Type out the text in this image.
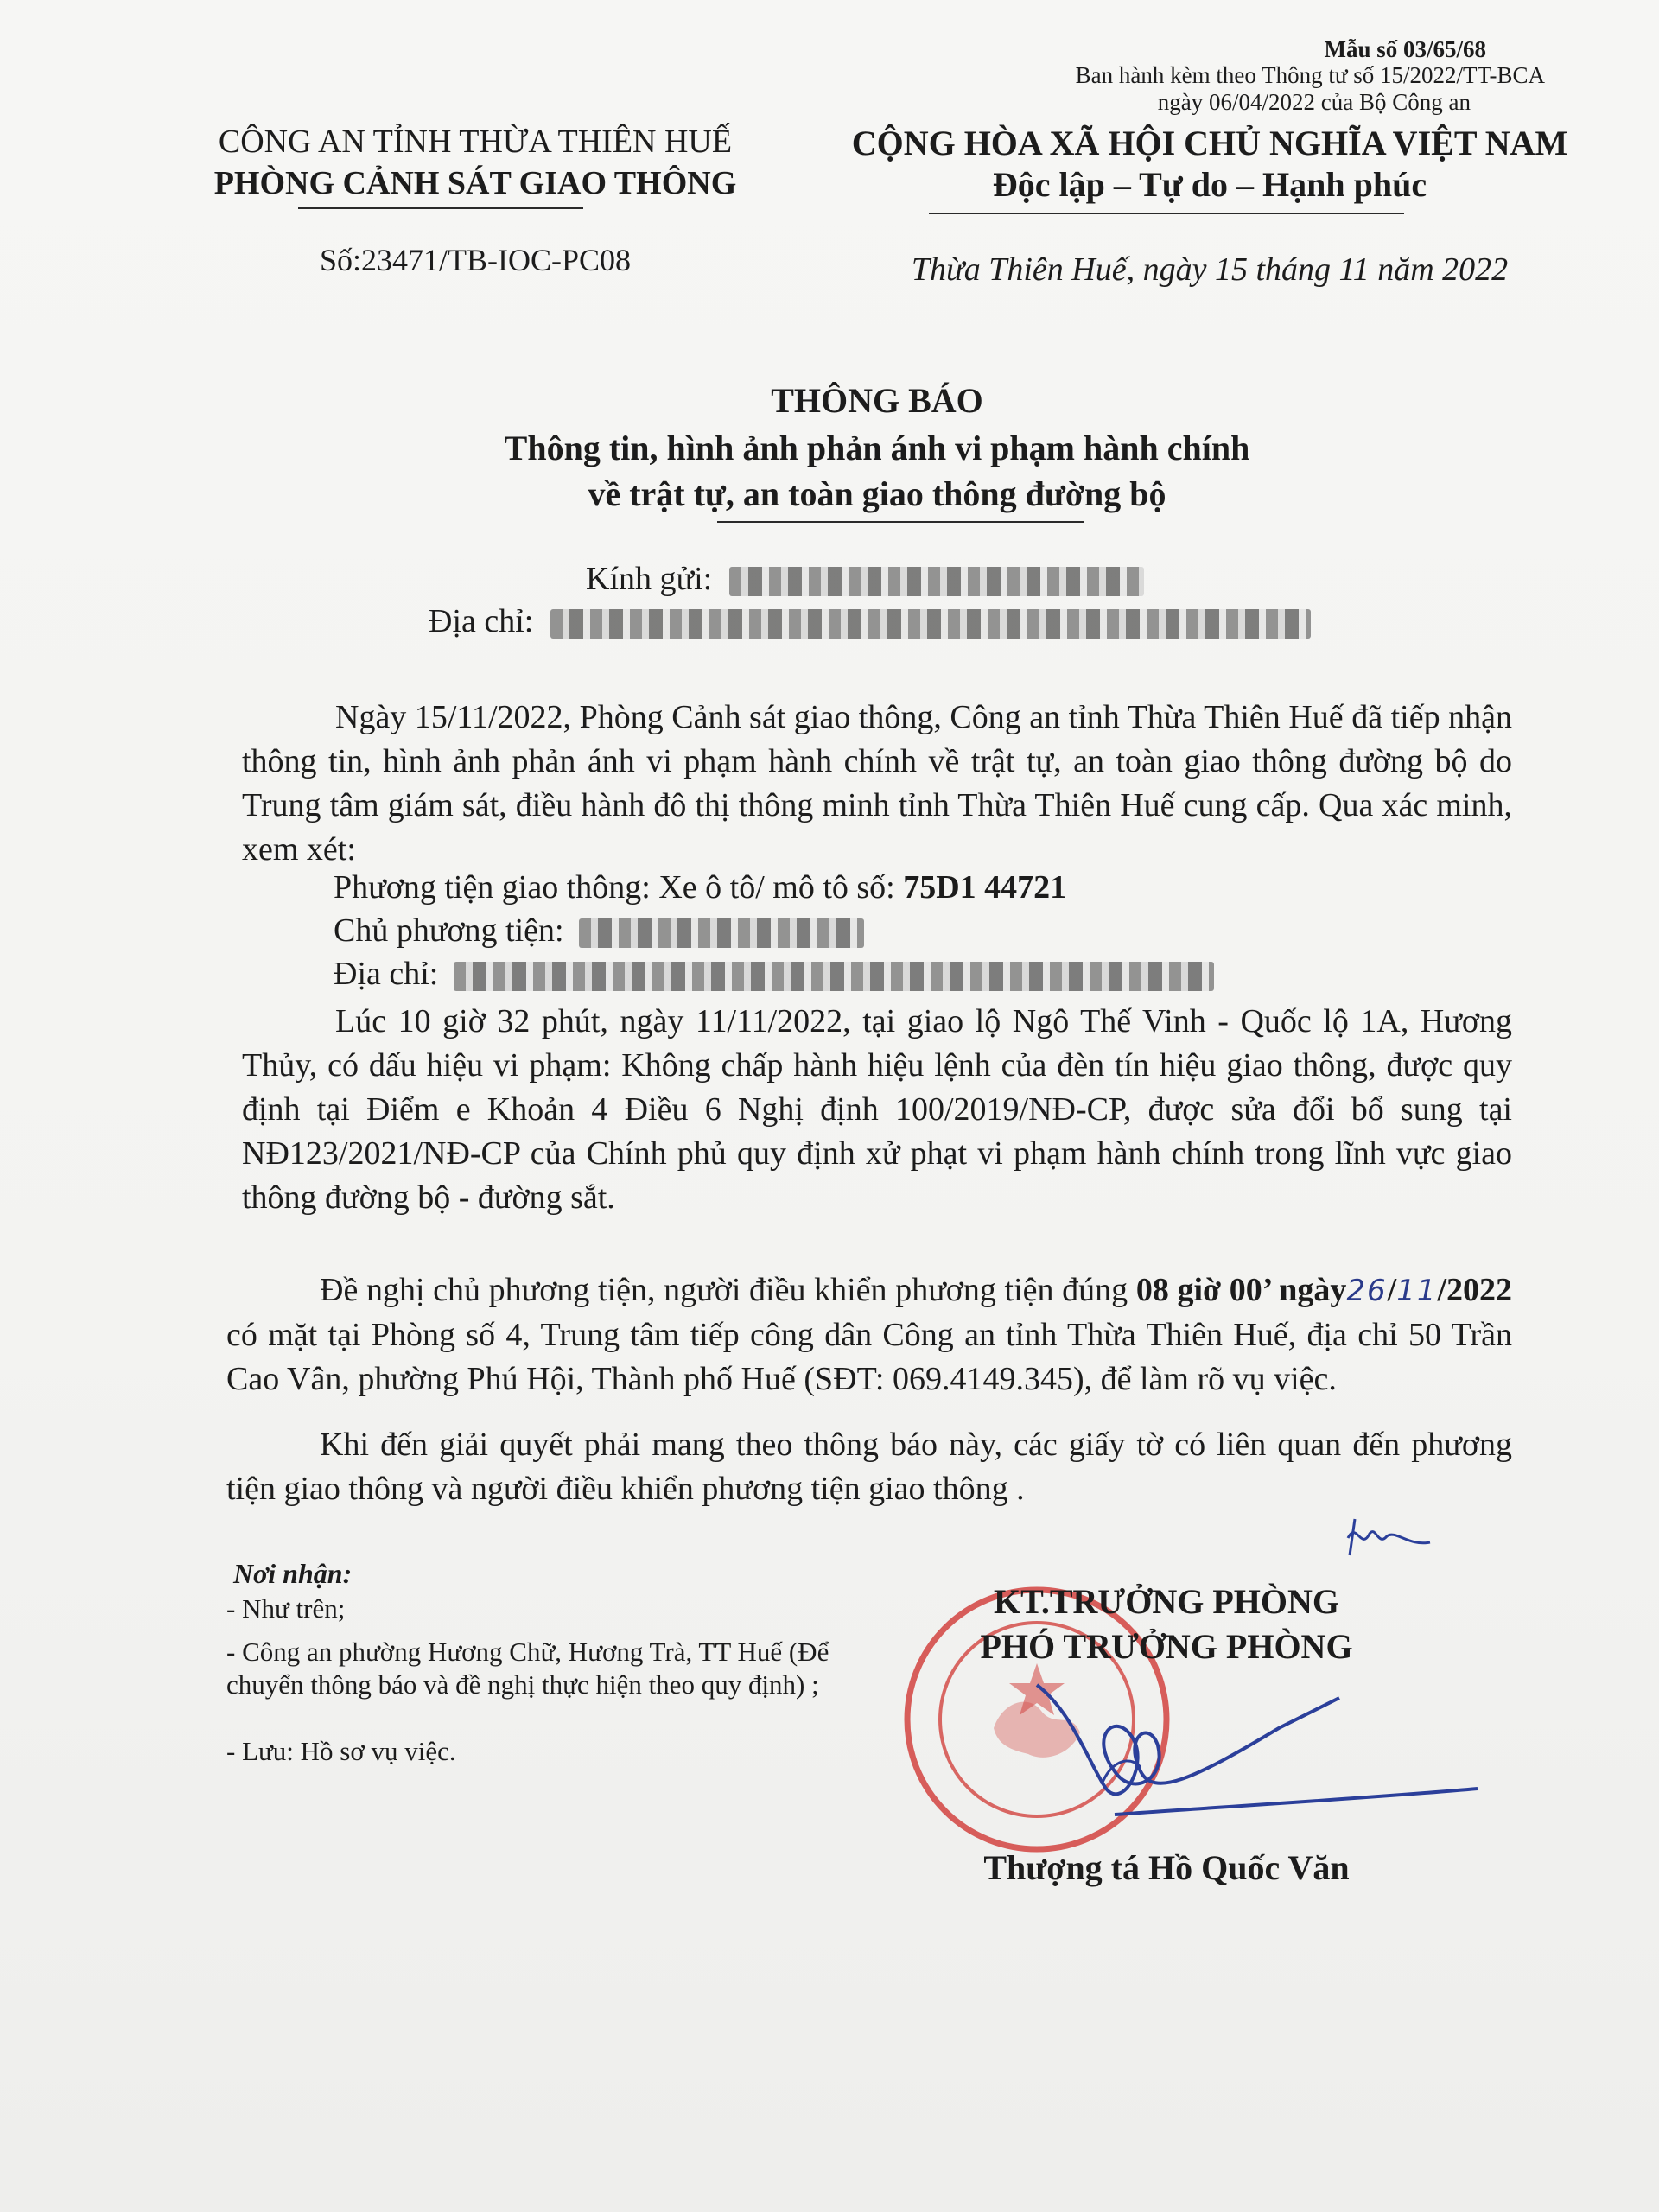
Mẫu số 03/65/68
Ban hành kèm theo Thông tư số 15/2022/TT-BCA
ngày 06/04/2022 của Bộ Công an
CÔNG AN TỈNH THỪA THIÊN HUẾ
PHÒNG CẢNH SÁT GIAO THÔNG
Số:23471/TB-IOC-PC08
CỘNG HÒA XÃ HỘI CHỦ NGHĨA VIỆT NAM
Độc lập – Tự do – Hạnh phúc
Thừa Thiên Huế, ngày 15 tháng 11 năm 2022
THÔNG BÁO
Thông tin, hình ảnh phản ánh vi phạm hành chính
về trật tự, an toàn giao thông đường bộ
Kính gửi:
Địa chỉ:
Ngày 15/11/2022, Phòng Cảnh sát giao thông, Công an tỉnh Thừa Thiên Huế đã tiếp nhận thông tin, hình ảnh phản ánh vi phạm hành chính về trật tự, an toàn giao thông đường bộ do Trung tâm giám sát, điều hành đô thị thông minh tỉnh Thừa Thiên Huế cung cấp. Qua xác minh, xem xét:
Phương tiện giao thông: Xe ô tô/ mô tô số: 75D1 44721
Chủ phương tiện:
Địa chỉ:
Lúc 10 giờ 32 phút, ngày 11/11/2022, tại giao lộ Ngô Thế Vinh - Quốc lộ 1A, Hương Thủy, có dấu hiệu vi phạm: Không chấp hành hiệu lệnh của đèn tín hiệu giao thông, được quy định tại Điểm e Khoản 4 Điều 6 Nghị định 100/2019/NĐ-CP, được sửa đổi bổ sung tại NĐ123/2021/NĐ-CP của Chính phủ quy định xử phạt vi phạm hành chính trong lĩnh vực giao thông đường bộ - đường sắt.
Đề nghị chủ phương tiện, người điều khiển phương tiện đúng 08 giờ 00’ ngày26/11/2022 có mặt tại Phòng số 4, Trung tâm tiếp công dân Công an tỉnh Thừa Thiên Huế, địa chỉ 50 Trần Cao Vân, phường Phú Hội, Thành phố Huế (SĐT: 069.4149.345), để làm rõ vụ việc.
Khi đến giải quyết phải mang theo thông báo này, các giấy tờ có liên quan đến phương tiện giao thông và người điều khiển phương tiện giao thông .
Nơi nhận:
- Như trên;
- Công an phường Hương Chữ, Hương Trà, TT Huế (Để chuyển thông báo và đề nghị thực hiện theo quy định) ;
- Lưu: Hồ sơ vụ việc.
KT.TRƯỞNG PHÒNG
PHÓ TRƯỞNG PHÒNG
Thượng tá Hồ Quốc Văn
